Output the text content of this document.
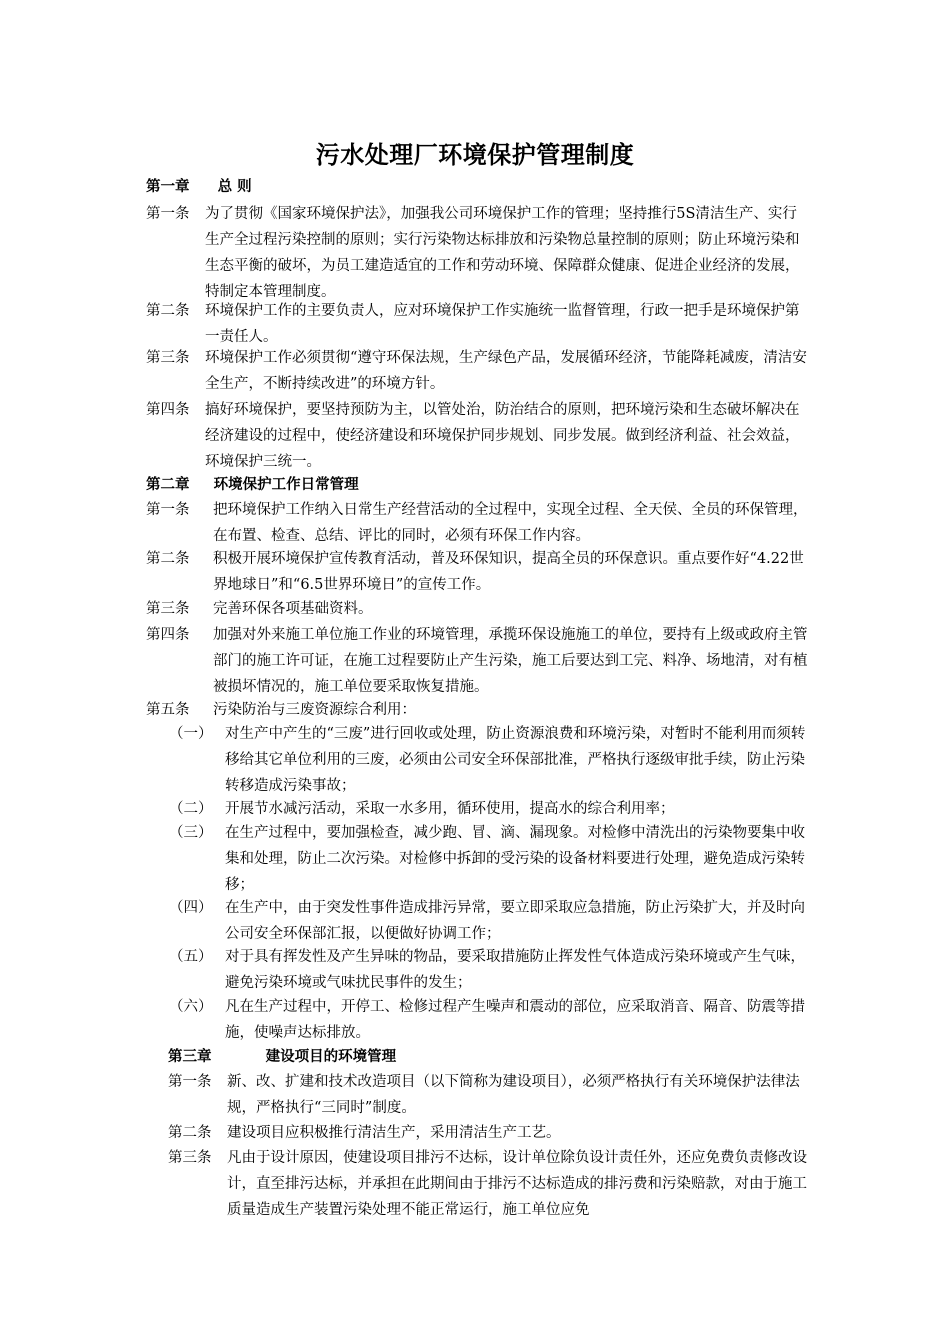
污水处理厂环境保护管理制度
第一章 总 则
第一条 为了贯彻《国家环境保护法》，加强我公司环境保护工作的管理；坚持推行5S清洁生产、实行生产全过程污染控制的原则；实行污染物达标排放和污染物总量控制的原则；防止环境污染和生态平衡的破坏，为员工建造适宜的工作和劳动环境、保障群众健康、促进企业经济的发展，特制定本管理制度。
第二条 环境保护工作的主要负责人，应对环境保护工作实施统一监督管理，行政一把手是环境保护第一责任人。
第三条 环境保护工作必须贯彻“遵守环保法规，生产绿色产品，发展循环经济，节能降耗减废，清洁安全生产，不断持续改进”的环境方针。
第四条 搞好环境保护，要坚持预防为主，以管处治，防治结合的原则，把环境污染和生态破坏解决在经济建设的过程中，使经济建设和环境保护同步规划、同步发展。做到经济利益、社会效益，环境保护三统一。
第二章 环境保护工作日常管理
第一条 把环境保护工作纳入日常生产经营活动的全过程中，实现全过程、全天侯、全员的环保管理，在布置、检查、总结、评比的同时，必须有环保工作内容。
第二条 积极开展环境保护宣传教育活动，普及环保知识，提高全员的环保意识。重点要作好“4.22世界地球日”和“6.5世界环境日”的宣传工作。
第三条 完善环保各项基础资料。
第四条 加强对外来施工单位施工作业的环境管理，承揽环保设施施工的单位，要持有上级或政府主管部门的施工许可证，在施工过程要防止产生污染，施工后要达到工完、料净、场地清，对有植被损坏情况的，施工单位要采取恢复措施。
第五条 污染防治与三废资源综合利用：
（一） 对生产中产生的“三废”进行回收或处理，防止资源浪费和环境污染，对暂时不能利用而须转移给其它单位利用的三废，必须由公司安全环保部批准，严格执行逐级审批手续，防止污染转移造成污染事故；
（二） 开展节水减污活动，采取一水多用，循环使用，提高水的综合利用率；
（三） 在生产过程中，要加强检查，减少跑、冒、滴、漏现象。对检修中清洗出的污染物要集中收集和处理，防止二次污染。对检修中拆卸的受污染的设备材料要进行处理，避免造成污染转移；
（四） 在生产中，由于突发性事件造成排污异常，要立即采取应急措施，防止污染扩大，并及时向公司安全环保部汇报，以便做好协调工作；
（五） 对于具有挥发性及产生异味的物品，要采取措施防止挥发性气体造成污染环境或产生气味，避免污染环境或气味扰民事件的发生；
（六） 凡在生产过程中，开停工、检修过程产生噪声和震动的部位，应采取消音、隔音、防震等措施，使噪声达标排放。
第三章	建设项目的环境管理
第一条 新、改、扩建和技术改造项目（以下简称为建设项目），必须严格执行有关环境保护法律法规，严格执行“三同时”制度。
第二条 建设项目应积极推行清洁生产，采用清洁生产工艺。
第三条 凡由于设计原因，使建设项目排污不达标，设计单位除负设计责任外，还应免费负责修改设计，直至排污达标，并承担在此期间由于排污不达标造成的排污费和污染赔款，对由于施工质量造成生产装置污染处理不能正常运行，施工单位应免
